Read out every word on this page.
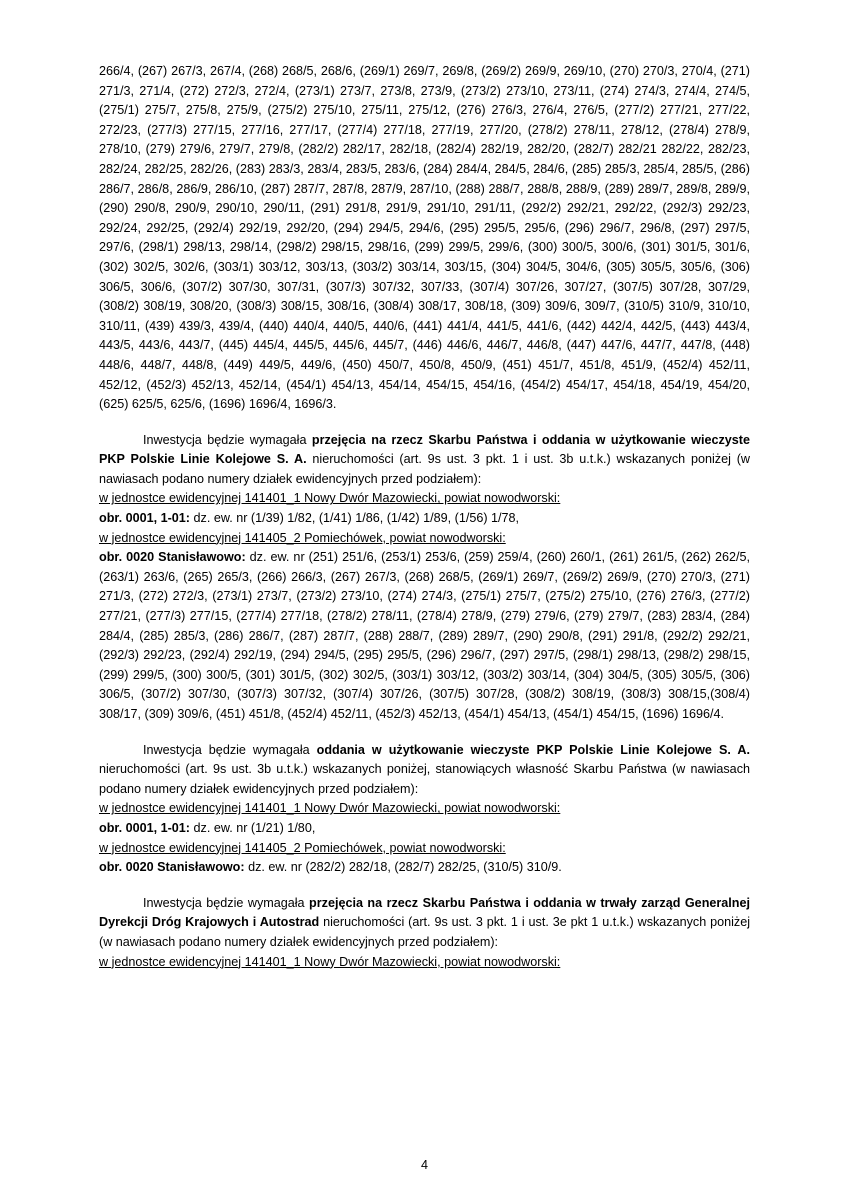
266/4, (267) 267/3, 267/4, (268) 268/5, 268/6, (269/1) 269/7, 269/8, (269/2) 269/9, 269/10, (270) 270/3, 270/4, (271) 271/3, 271/4, (272) 272/3, 272/4, (273/1) 273/7, 273/8, 273/9, (273/2) 273/10, 273/11, (274) 274/3, 274/4, 274/5, (275/1) 275/7, 275/8, 275/9, (275/2) 275/10, 275/11, 275/12, (276) 276/3, 276/4, 276/5, (277/2) 277/21, 277/22, 272/23, (277/3) 277/15, 277/16, 277/17, (277/4) 277/18, 277/19, 277/20, (278/2) 278/11, 278/12, (278/4) 278/9, 278/10, (279) 279/6, 279/7, 279/8, (282/2) 282/17, 282/18, (282/4) 282/19, 282/20, (282/7) 282/21 282/22, 282/23, 282/24, 282/25, 282/26, (283) 283/3, 283/4, 283/5, 283/6, (284) 284/4, 284/5, 284/6, (285) 285/3, 285/4, 285/5, (286) 286/7, 286/8, 286/9, 286/10, (287) 287/7, 287/8, 287/9, 287/10, (288) 288/7, 288/8, 288/9, (289) 289/7, 289/8, 289/9, (290) 290/8, 290/9, 290/10, 290/11, (291) 291/8, 291/9, 291/10, 291/11, (292/2) 292/21, 292/22, (292/3) 292/23, 292/24, 292/25, (292/4) 292/19, 292/20, (294) 294/5, 294/6, (295) 295/5, 295/6, (296) 296/7, 296/8, (297) 297/5, 297/6, (298/1) 298/13, 298/14, (298/2) 298/15, 298/16, (299) 299/5, 299/6, (300) 300/5, 300/6, (301) 301/5, 301/6, (302) 302/5, 302/6, (303/1) 303/12, 303/13, (303/2) 303/14, 303/15, (304) 304/5, 304/6, (305) 305/5, 305/6, (306) 306/5, 306/6, (307/2) 307/30, 307/31, (307/3) 307/32, 307/33, (307/4) 307/26, 307/27, (307/5) 307/28, 307/29, (308/2) 308/19, 308/20, (308/3) 308/15, 308/16, (308/4) 308/17, 308/18, (309) 309/6, 309/7, (310/5) 310/9, 310/10, 310/11, (439) 439/3, 439/4, (440) 440/4, 440/5, 440/6, (441) 441/4, 441/5, 441/6, (442) 442/4, 442/5, (443) 443/4, 443/5, 443/6, 443/7, (445) 445/4, 445/5, 445/6, 445/7, (446) 446/6, 446/7, 446/8, (447) 447/6, 447/7, 447/8, (448) 448/6, 448/7, 448/8, (449) 449/5, 449/6, (450) 450/7, 450/8, 450/9, (451) 451/7, 451/8, 451/9, (452/4) 452/11, 452/12, (452/3) 452/13, 452/14, (454/1) 454/13, 454/14, 454/15, 454/16, (454/2) 454/17, 454/18, 454/19, 454/20, (625) 625/5, 625/6, (1696) 1696/4, 1696/3.

Inwestycja będzie wymagała przejęcia na rzecz Skarbu Państwa i oddania w użytkowanie wieczyste PKP Polskie Linie Kolejowe S. A. nieruchomości (art. 9s ust. 3 pkt. 1 i ust. 3b u.t.k.) wskazanych poniżej (w nawiasach podano numery działek ewidencyjnych przed podziałem):

w jednostce ewidencyjnej 141401_1 Nowy Dwór Mazowiecki, powiat nowodworski:

obr. 0001, 1-01: dz. ew. nr (1/39) 1/82, (1/41) 1/86, (1/42) 1/89, (1/56) 1/78,

w jednostce ewidencyjnej 141405_2 Pomiechówek, powiat nowodworski:

obr. 0020 Stanisławowo: dz. ew. nr (251) 251/6, (253/1) 253/6, (259) 259/4, (260) 260/1, (261) 261/5, (262) 262/5, (263/1) 263/6, (265) 265/3, (266) 266/3, (267) 267/3, (268) 268/5, (269/1) 269/7, (269/2) 269/9, (270) 270/3, (271) 271/3, (272) 272/3, (273/1) 273/7, (273/2) 273/10, (274) 274/3, (275/1) 275/7, (275/2) 275/10, (276) 276/3, (277/2) 277/21, (277/3) 277/15, (277/4) 277/18, (278/2) 278/11, (278/4) 278/9, (279) 279/6, (279) 279/7, (283) 283/4, (284) 284/4, (285) 285/3, (286) 286/7, (287) 287/7, (288) 288/7, (289) 289/7, (290) 290/8, (291) 291/8, (292/2) 292/21, (292/3) 292/23, (292/4) 292/19, (294) 294/5, (295) 295/5, (296) 296/7, (297) 297/5, (298/1) 298/13, (298/2) 298/15, (299) 299/5, (300) 300/5, (301) 301/5, (302) 302/5, (303/1) 303/12, (303/2) 303/14, (304) 304/5, (305) 305/5, (306) 306/5, (307/2) 307/30, (307/3) 307/32, (307/4) 307/26, (307/5) 307/28, (308/2) 308/19, (308/3) 308/15,(308/4) 308/17, (309) 309/6, (451) 451/8, (452/4) 452/11, (452/3) 452/13, (454/1) 454/13, (454/1) 454/15, (1696) 1696/4.

Inwestycja będzie wymagała oddania w użytkowanie wieczyste PKP Polskie Linie Kolejowe S. A. nieruchomości (art. 9s ust. 3b u.t.k.) wskazanych poniżej, stanowiących własność Skarbu Państwa (w nawiasach podano numery działek ewidencyjnych przed podziałem):

w jednostce ewidencyjnej 141401_1 Nowy Dwór Mazowiecki, powiat nowodworski:

obr. 0001, 1-01: dz. ew. nr (1/21) 1/80,

w jednostce ewidencyjnej 141405_2 Pomiechówek, powiat nowodworski:

obr. 0020 Stanisławowo: dz. ew. nr (282/2) 282/18, (282/7) 282/25, (310/5) 310/9.

Inwestycja będzie wymagała przejęcia na rzecz Skarbu Państwa i oddania w trwały zarząd Generalnej Dyrekcji Dróg Krajowych i Autostrad nieruchomości (art. 9s ust. 3 pkt. 1 i ust. 3e pkt 1 u.t.k.) wskazanych poniżej (w nawiasach podano numery działek ewidencyjnych przed podziałem):

w jednostce ewidencyjnej 141401_1 Nowy Dwór Mazowiecki, powiat nowodworski:

4
